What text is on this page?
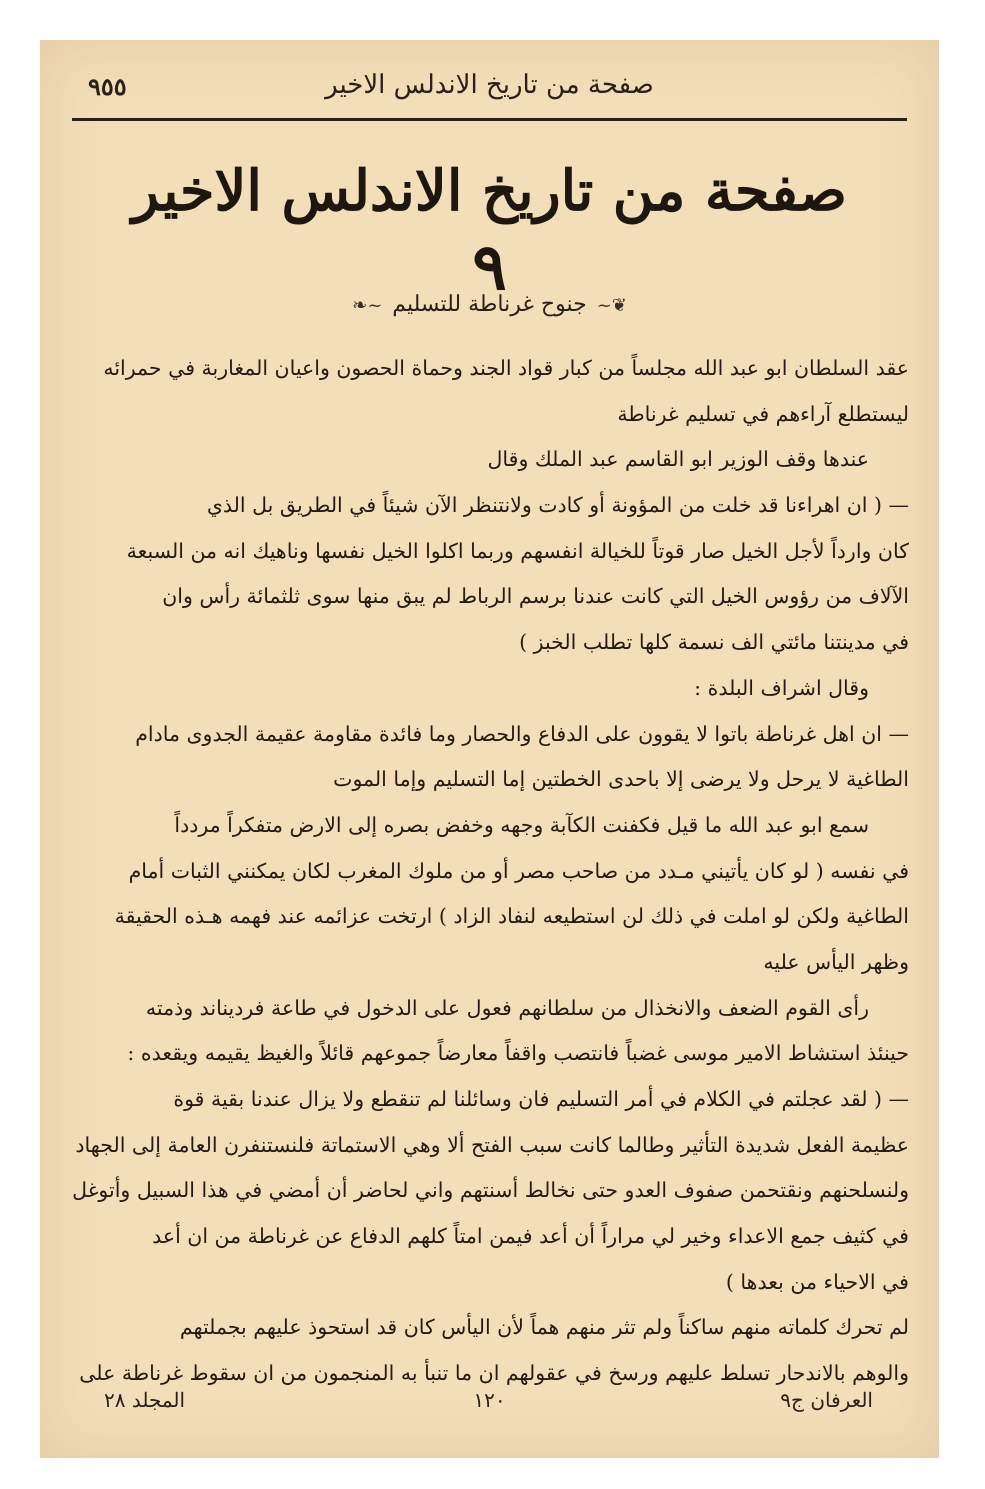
٩٥٥	صفحة من تاريخ الاندلس الاخير
صفحة من تاريخ الاندلس الاخير
٩
❦~جنوح غرناطة للتسليم~❧
عقد السلطان ابو عبد الله مجلساً من كبار قواد الجند وحماة الحصون واعيان المغاربة في حمرائه
ليستطلع آراءهم في تسليم غرناطة
عندها وقف الوزير ابو القاسم عبد الملك وقال
— ( ان اهراءنا قد خلت من المؤونة أو كادت ولانتنظر الآن شيئاً في الطريق بل الذي
كان وارداً لأجل الخيل صار قوتاً للخيالة انفسهم وربما اكلوا الخيل نفسها وناهيك انه من السبعة
الآلاف من رؤوس الخيل التي كانت عندنا برسم الرباط لم يبق منها سوى ثلثمائة رأس وان
في مدينتنا مائتي الف نسمة كلها تطلب الخبز )
وقال اشراف البلدة :
— ان اهل غرناطة باتوا لا يقوون على الدفاع والحصار وما فائدة مقاومة عقيمة الجدوى مادام
الطاغية لا يرحل ولا يرضى إلا باحدى الخطتين إما التسليم وإما الموت
سمع ابو عبد الله ما قيل فكفنت الكآبة وجهه وخفض بصره إلى الارض متفكراً مردداً
في نفسه ( لو كان يأتيني مـدد من صاحب مصر أو من ملوك المغرب لكان يمكنني الثبات أمام
الطاغية ولكن لو املت في ذلك لن استطيعه لنفاد الزاد ) ارتخت عزائمه عند فهمه هـذه الحقيقة
وظهر اليأس عليه
رأى القوم الضعف والانخذال من سلطانهم فعول على الدخول في طاعة فرديناند وذمته
حينئذ استشاط الامير موسى غضباً فانتصب واقفاً معارضاً جموعهم قائلاً والغيظ يقيمه ويقعده :
— ( لقد عجلتم في الكلام في أمر التسليم فان وسائلنا لم تنقطع ولا يزال عندنا بقية قوة
عظيمة الفعل شديدة التأثير وطالما كانت سبب الفتح ألا وهي الاستماتة فلنستنفرن العامة إلى الجهاد
ولنسلحنهم ونقتحمن صفوف العدو حتى نخالط أسنتهم واني لحاضر أن أمضي في هذا السبيل وأتوغل
في كثيف جمع الاعداء وخير لي مراراً أن أعد فيمن امتاً كلهم الدفاع عن غرناطة من ان أعد
في الاحياء من بعدها )
لم تحرك كلماته منهم ساكناً ولم تثر منهم هماً لأن اليأس كان قد استحوذ عليهم بجملتهم
والوهم بالاندحار تسلط عليهم ورسخ في عقولهم ان ما تنبأ به المنجمون من ان سقوط غرناطة على
المجلد ٢٨	١٢٠	العرفان ج٩
